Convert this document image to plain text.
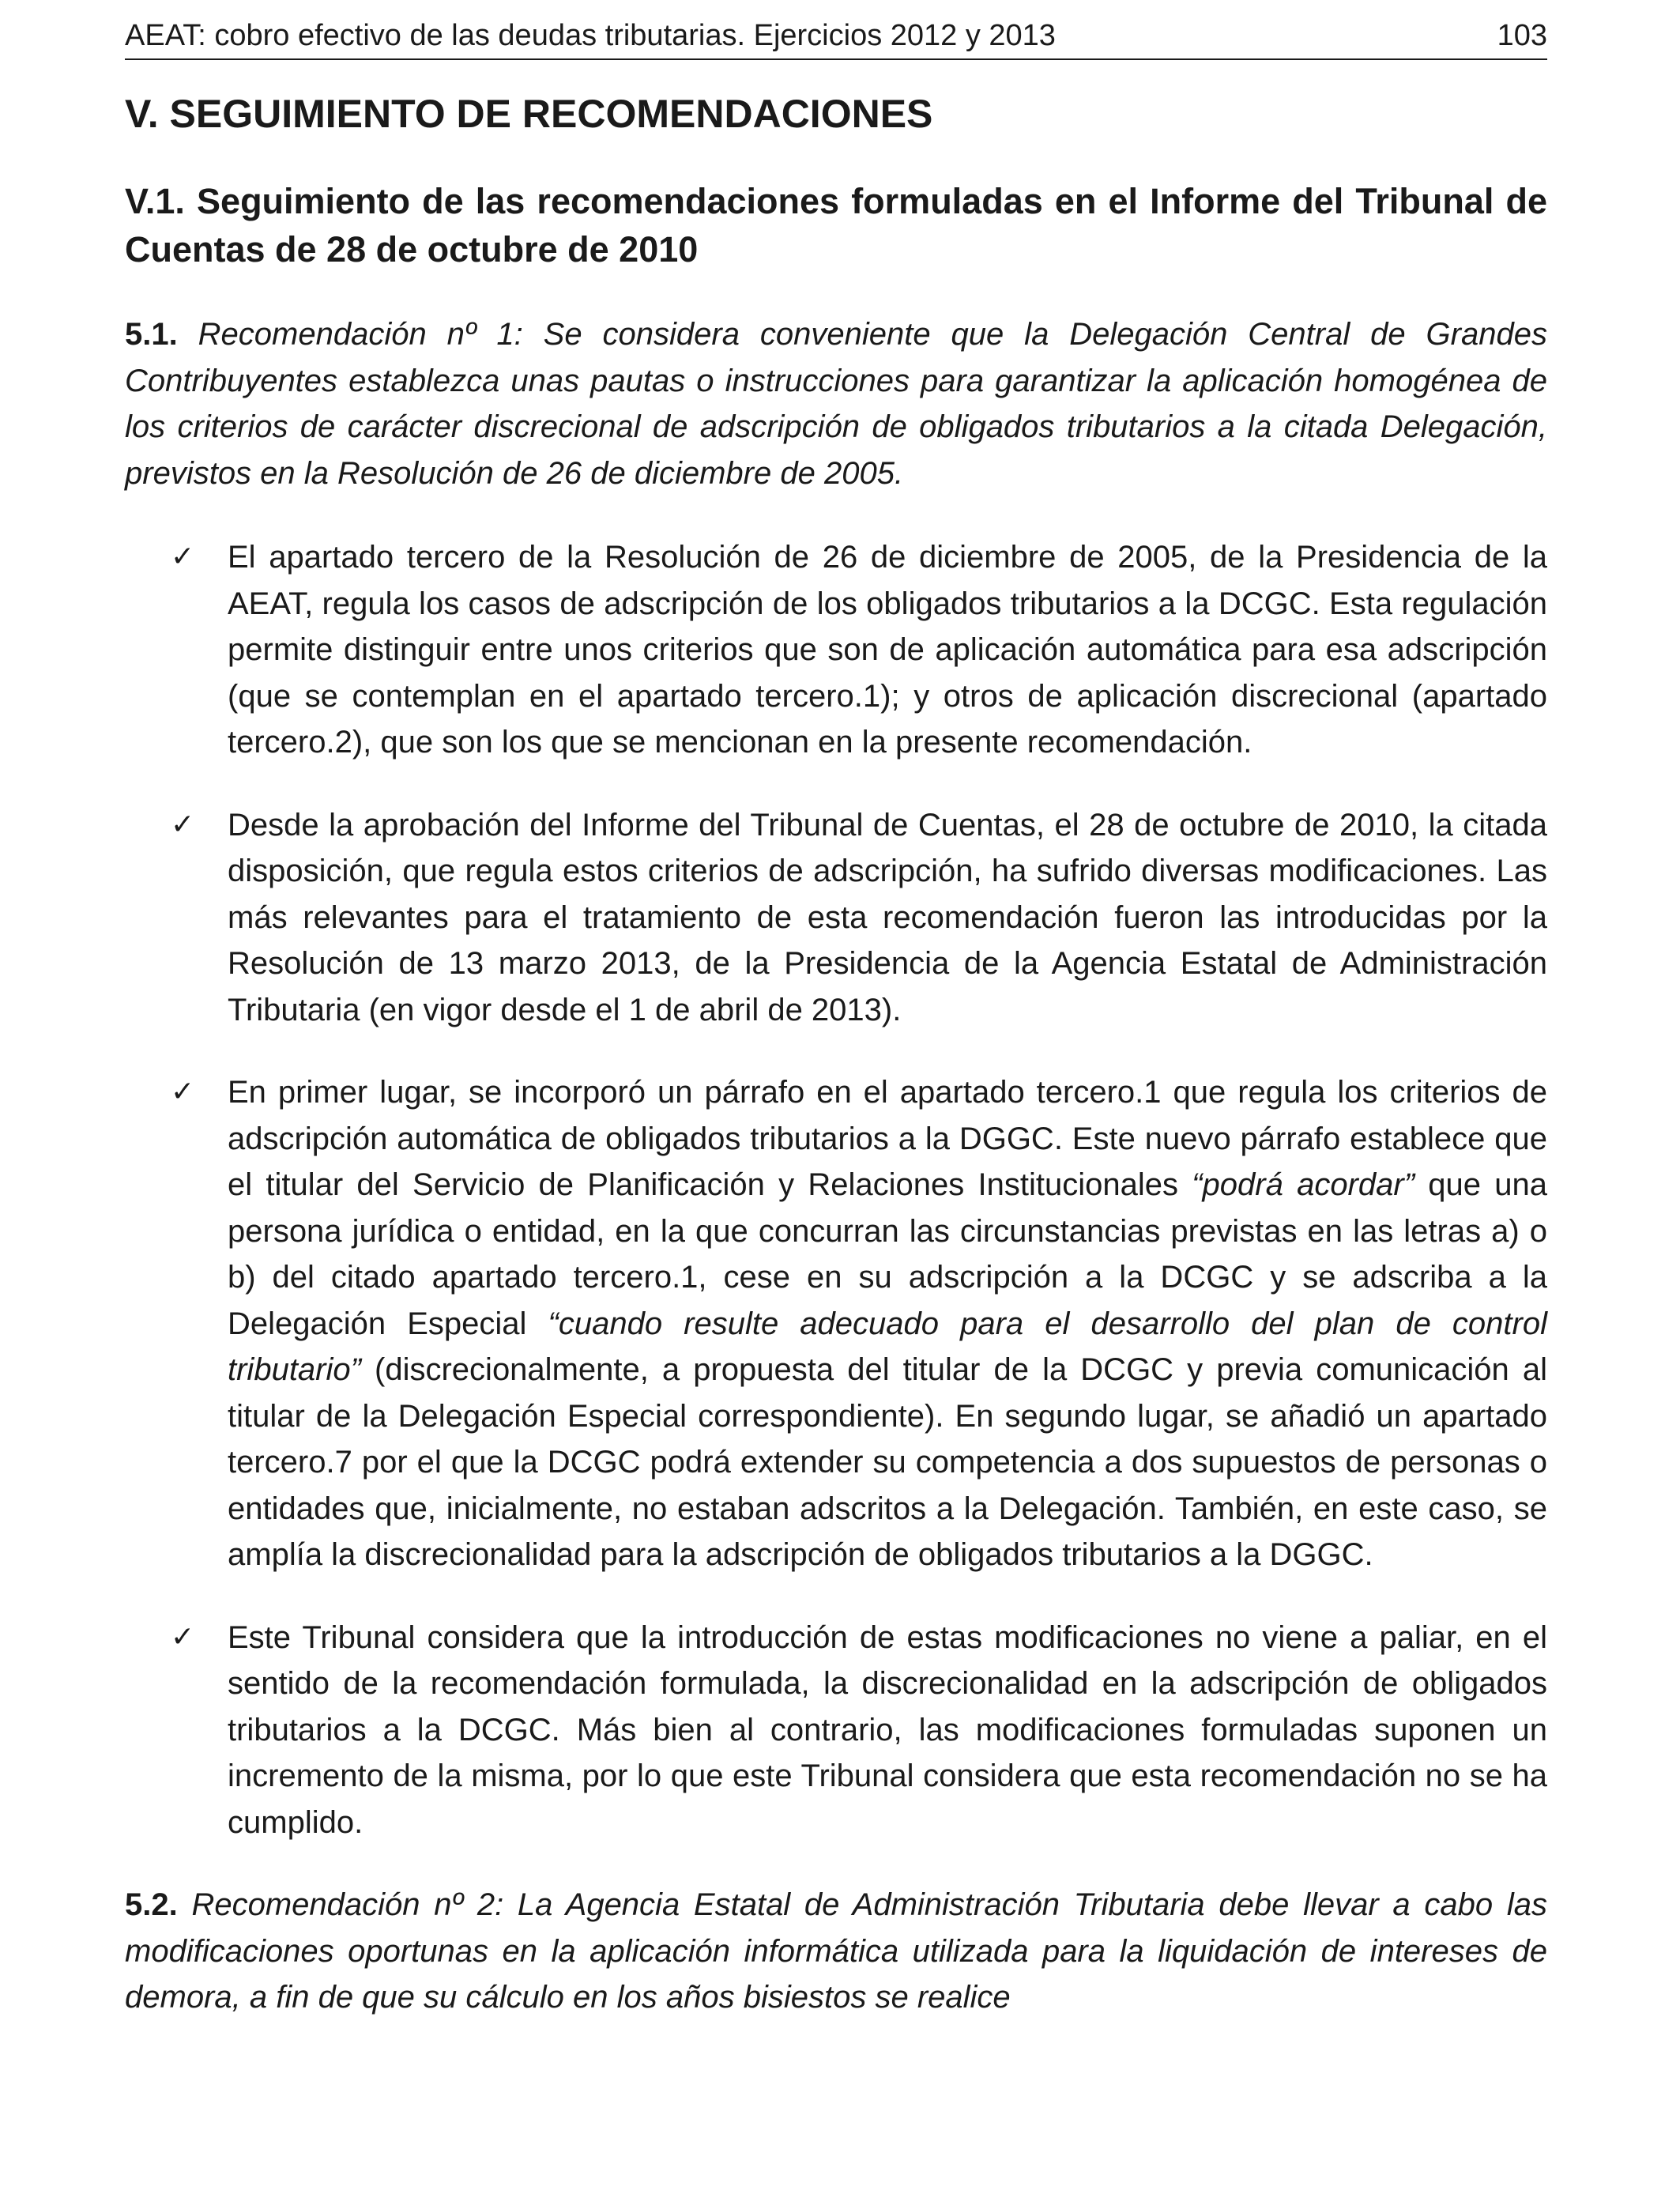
AEAT: cobro efectivo de las deudas tributarias. Ejercicios 2012 y 2013	103
V. SEGUIMIENTO DE RECOMENDACIONES
V.1. Seguimiento de las recomendaciones formuladas en el Informe del Tribunal de Cuentas de 28 de octubre de 2010

5.1. Recomendación nº 1: Se considera conveniente que la Delegación Central de Grandes Contribuyentes establezca unas pautas o instrucciones para garantizar la aplicación homogénea de los criterios de carácter discrecional de adscripción de obligados tributarios a la citada Delegación, previstos en la Resolución de 26 de diciembre de 2005.

✓ El apartado tercero de la Resolución de 26 de diciembre de 2005, de la Presidencia de la AEAT, regula los casos de adscripción de los obligados tributarios a la DCGC. Esta regulación permite distinguir entre unos criterios que son de aplicación automática para esa adscripción (que se contemplan en el apartado tercero.1); y otros de aplicación discrecional (apartado tercero.2), que son los que se mencionan en la presente recomendación.
✓ Desde la aprobación del Informe del Tribunal de Cuentas, el 28 de octubre de 2010, la citada disposición, que regula estos criterios de adscripción, ha sufrido diversas modificaciones. Las más relevantes para el tratamiento de esta recomendación fueron las introducidas por la Resolución de 13 marzo 2013, de la Presidencia de la Agencia Estatal de Administración Tributaria (en vigor desde el 1 de abril de 2013).
✓ En primer lugar, se incorporó un párrafo en el apartado tercero.1 que regula los criterios de adscripción automática de obligados tributarios a la DGGC. Este nuevo párrafo establece que el titular del Servicio de Planificación y Relaciones Institucionales “podrá acordar” que una persona jurídica o entidad, en la que concurran las circunstancias previstas en las letras a) o b) del citado apartado tercero.1, cese en su adscripción a la DCGC y se adscriba a la Delegación Especial “cuando resulte adecuado para el desarrollo del plan de control tributario” (discrecionalmente, a propuesta del titular de la DCGC y previa comunicación al titular de la Delegación Especial correspondiente). En segundo lugar, se añadió un apartado tercero.7 por el que la DCGC podrá extender su competencia a dos supuestos de personas o entidades que, inicialmente, no estaban adscritos a la Delegación. También, en este caso, se amplía la discrecionalidad para la adscripción de obligados tributarios a la DGGC.
✓ Este Tribunal considera que la introducción de estas modificaciones no viene a paliar, en el sentido de la recomendación formulada, la discrecionalidad en la adscripción de obligados tributarios a la DCGC. Más bien al contrario, las modificaciones formuladas suponen un incremento de la misma, por lo que este Tribunal considera que esta recomendación no se ha cumplido.

5.2. Recomendación nº 2: La Agencia Estatal de Administración Tributaria debe llevar a cabo las modificaciones oportunas en la aplicación informática utilizada para la liquidación de intereses de demora, a fin de que su cálculo en los años bisiestos se realice
